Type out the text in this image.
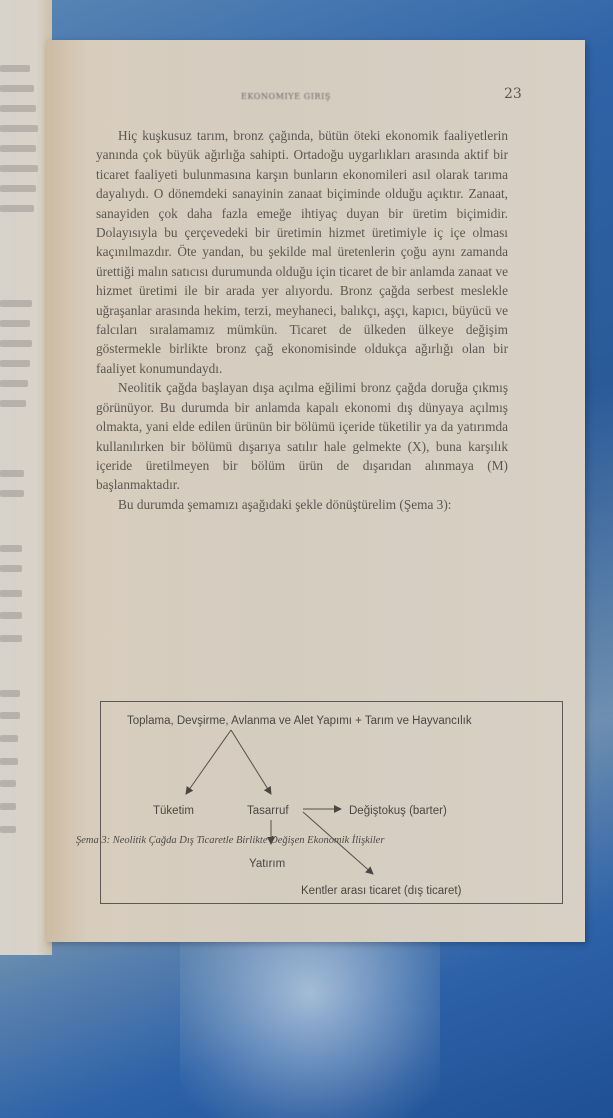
EKONOMİYE GİRİŞ	23

Hiç kuşkusuz tarım, bronz çağında, bütün öteki ekonomik faaliyetlerin yanında çok büyük ağırlığa sahipti. Ortadoğu uygarlıkları arasında aktif bir ticaret faaliyeti bulunmasına karşın bunların ekonomileri asıl olarak tarıma dayalıydı. O dönemdeki sanayinin zanaat biçiminde olduğu açıktır. Zanaat, sanayiden çok daha fazla emeğe ihtiyaç duyan bir üretim biçimidir. Dolayısıyla bu çerçevedeki bir üretimin hizmet üretimiyle iç içe olması kaçınılmazdır. Öte yandan, bu şekilde mal üretenlerin çoğu aynı zamanda ürettiği malın satıcısı durumunda olduğu için ticaret de bir anlamda zanaat ve hizmet üretimi ile bir arada yer alıyordu. Bronz çağda serbest meslekle uğraşanlar arasında hekim, terzi, meyhaneci, balıkçı, aşçı, kapıcı, büyücü ve falcıları sıralamamız mümkün. Ticaret de ülkeden ülkeye değişim göstermekle birlikte bronz çağ ekonomisinde oldukça ağırlığı olan bir faaliyet konumundaydı.

Neolitik çağda başlayan dışa açılma eğilimi bronz çağda doruğa çıkmış görünüyor. Bu durumda bir anlamda kapalı ekonomi dış dünyaya açılmış olmakta, yani elde edilen ürünün bir bölümü içeride tüketilir ya da yatırımda kullanılırken bir bölümü dışarıya satılır hale gelmekte (X), buna karşılık içeride üretilmeyen bir bölüm ürün de dışarıdan alınmaya (M) başlanmaktadır.

Bu durumda şemamızı aşağıdaki şekle dönüştürelim (Şema 3):

Toplama, Devşirme, Avlanma ve Alet Yapımı + Tarım ve Hayvancılık
Tüketim	Tasarruf	Değiştokuş (barter)
Yatırım
Kentler arası ticaret (dış ticaret)
Şema 3: Neolitik Çağda Dış Ticaretle Birlikte Değişen Ekonomik İlişkiler
